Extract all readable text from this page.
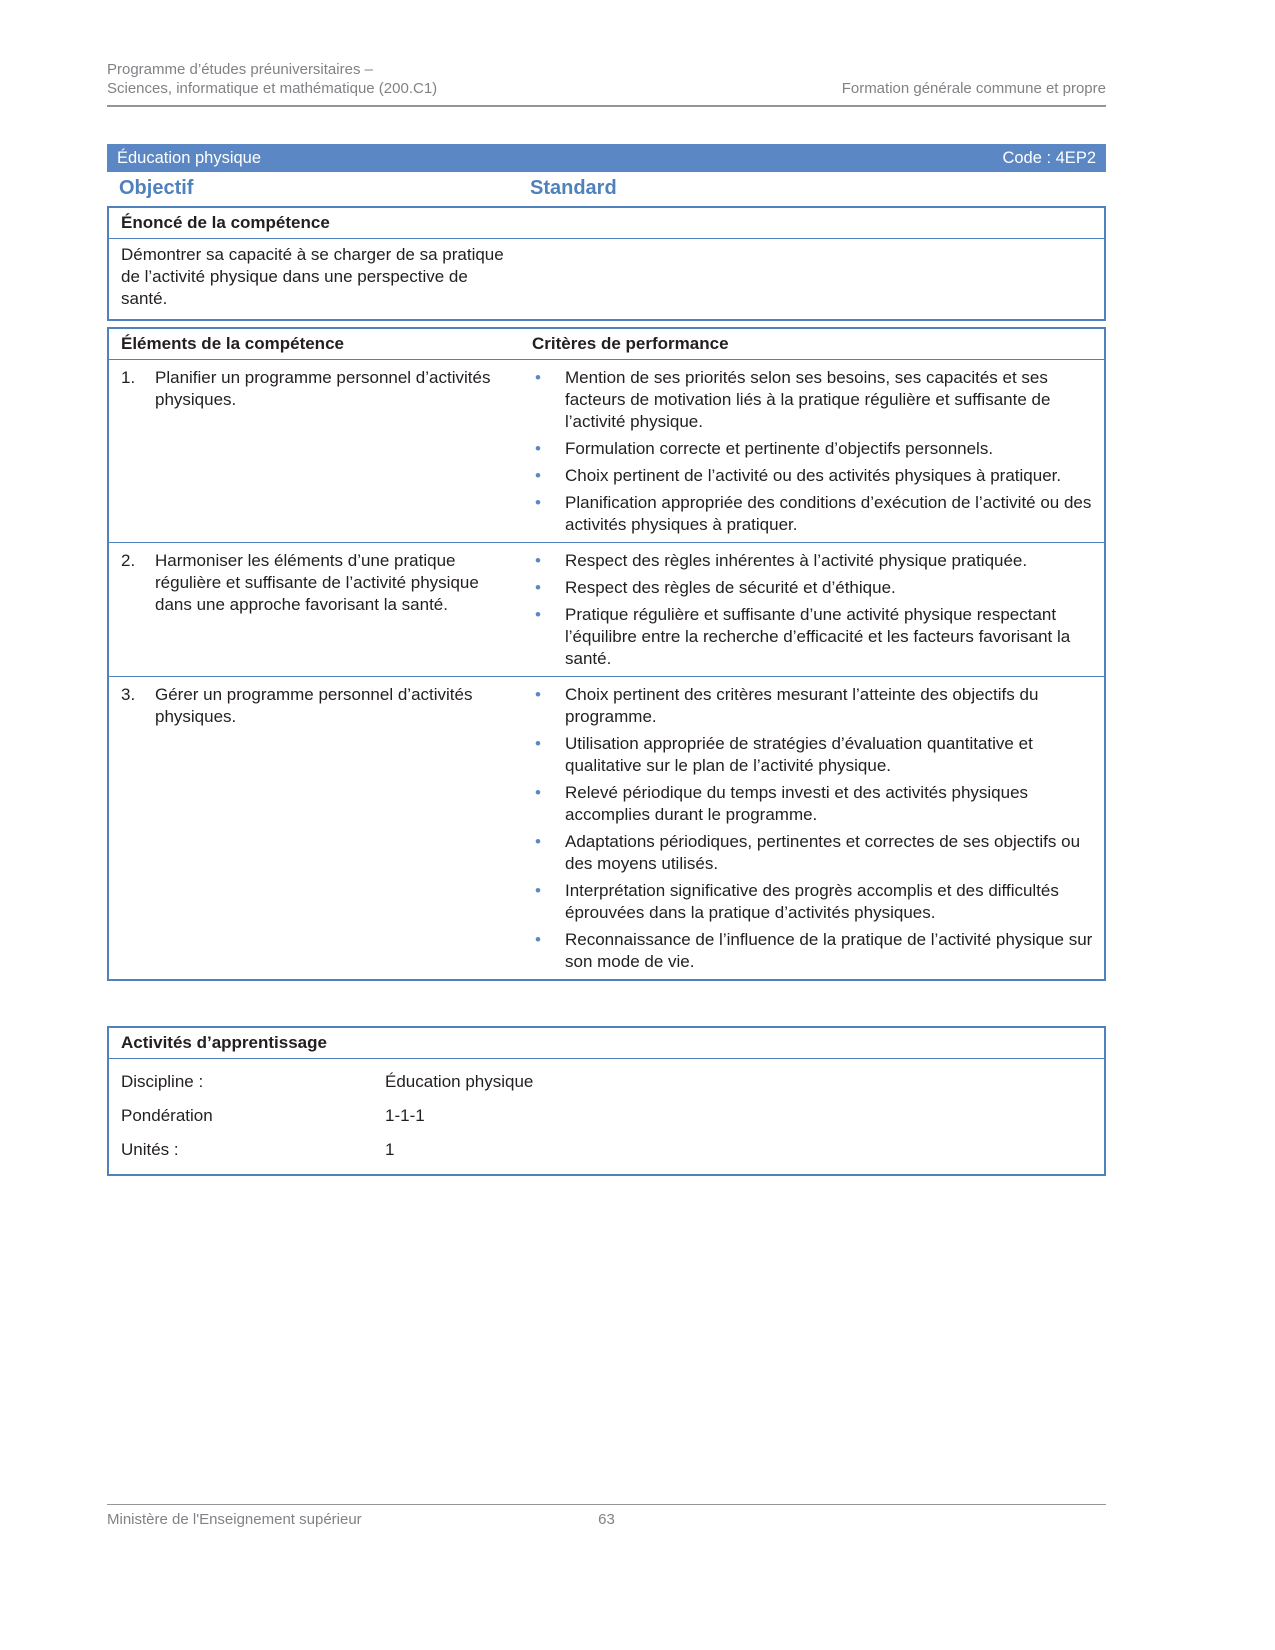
Programme d’études préuniversitaires –
Sciences, informatique et mathématique (200.C1)	Formation générale commune et propre
Éducation physique	Code : 4EP2
Objectif	Standard
Énoncé de la compétence
Démontrer sa capacité à se charger de sa pratique de l’activité physique dans une perspective de santé.
Éléments de la compétence	Critères de performance
1.	Planifier un programme personnel d’activités physiques.
•	Mention de ses priorités selon ses besoins, ses capacités et ses facteurs de motivation liés à la pratique régulière et suffisante de l’activité physique.
•	Formulation correcte et pertinente d’objectifs personnels.
•	Choix pertinent de l’activité ou des activités physiques à pratiquer.
•	Planification appropriée des conditions d’exécution de l’activité ou des activités physiques à pratiquer.
2.	Harmoniser les éléments d’une pratique régulière et suffisante de l’activité physique dans une approche favorisant la santé.
•	Respect des règles inhérentes à l’activité physique pratiquée.
•	Respect des règles de sécurité et d’éthique.
•	Pratique régulière et suffisante d’une activité physique respectant l’équilibre entre la recherche d’efficacité et les facteurs favorisant la santé.
3.	Gérer un programme personnel d’activités physiques.
•	Choix pertinent des critères mesurant l’atteinte des objectifs du programme.
•	Utilisation appropriée de stratégies d’évaluation quantitative et qualitative sur le plan de l’activité physique.
•	Relevé périodique du temps investi et des activités physiques accomplies durant le programme.
•	Adaptations périodiques, pertinentes et correctes de ses objectifs ou des moyens utilisés.
•	Interprétation significative des progrès accomplis et des difficultés éprouvées dans la pratique d’activités physiques.
•	Reconnaissance de l’influence de la pratique de l’activité physique sur son mode de vie.
Activités d’apprentissage
Discipline :	Éducation physique
Pondération	1-1-1
Unités :	1
Ministère de l'Enseignement supérieur	63
